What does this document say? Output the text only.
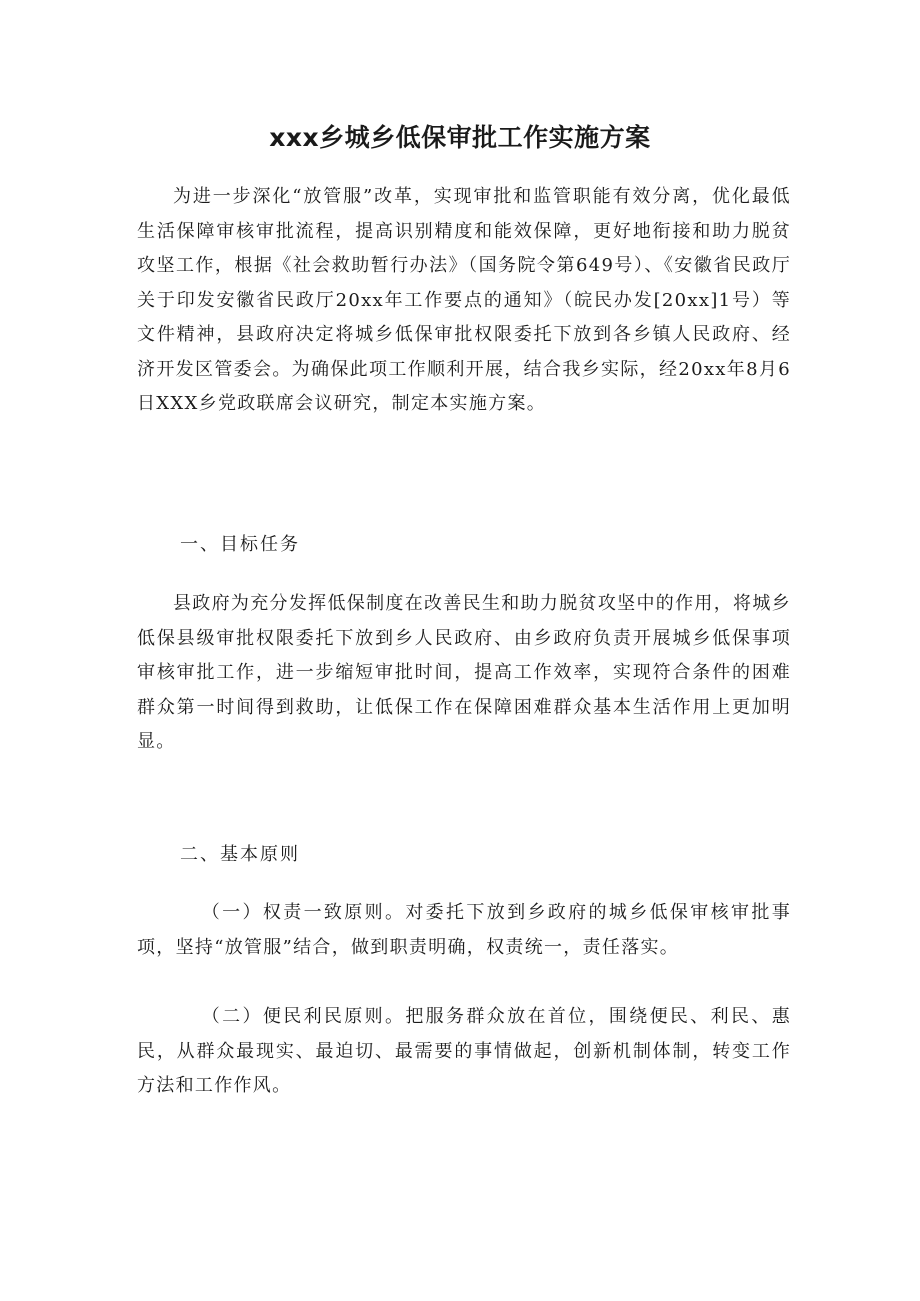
xxx乡城乡低保审批工作实施方案

为进一步深化“放管服”改革，实现审批和监管职能有效分离，优化最低生活保障审核审批流程，提高识别精度和能效保障，更好地衔接和助力脱贫攻坚工作，根据《社会救助暂行办法》（国务院令第649号）、《安徽省民政厅关于印发安徽省民政厅20xx年工作要点的通知》（皖民办发[20xx]1号）等文件精神，县政府决定将城乡低保审批权限委托下放到各乡镇人民政府、经济开发区管委会。为确保此项工作顺利开展，结合我乡实际，经20xx年8月6日XXX乡党政联席会议研究，制定本实施方案。

一、目标任务

县政府为充分发挥低保制度在改善民生和助力脱贫攻坚中的作用，将城乡低保县级审批权限委托下放到乡人民政府、由乡政府负责开展城乡低保事项审核审批工作，进一步缩短审批时间，提高工作效率，实现符合条件的困难群众第一时间得到救助，让低保工作在保障困难群众基本生活作用上更加明显。

二、基本原则

（一）权责一致原则。对委托下放到乡政府的城乡低保审核审批事项，坚持“放管服”结合，做到职责明确，权责统一，责任落实。

（二）便民利民原则。把服务群众放在首位，围绕便民、利民、惠民，从群众最现实、最迫切、最需要的事情做起，创新机制体制，转变工作方法和工作作风。
